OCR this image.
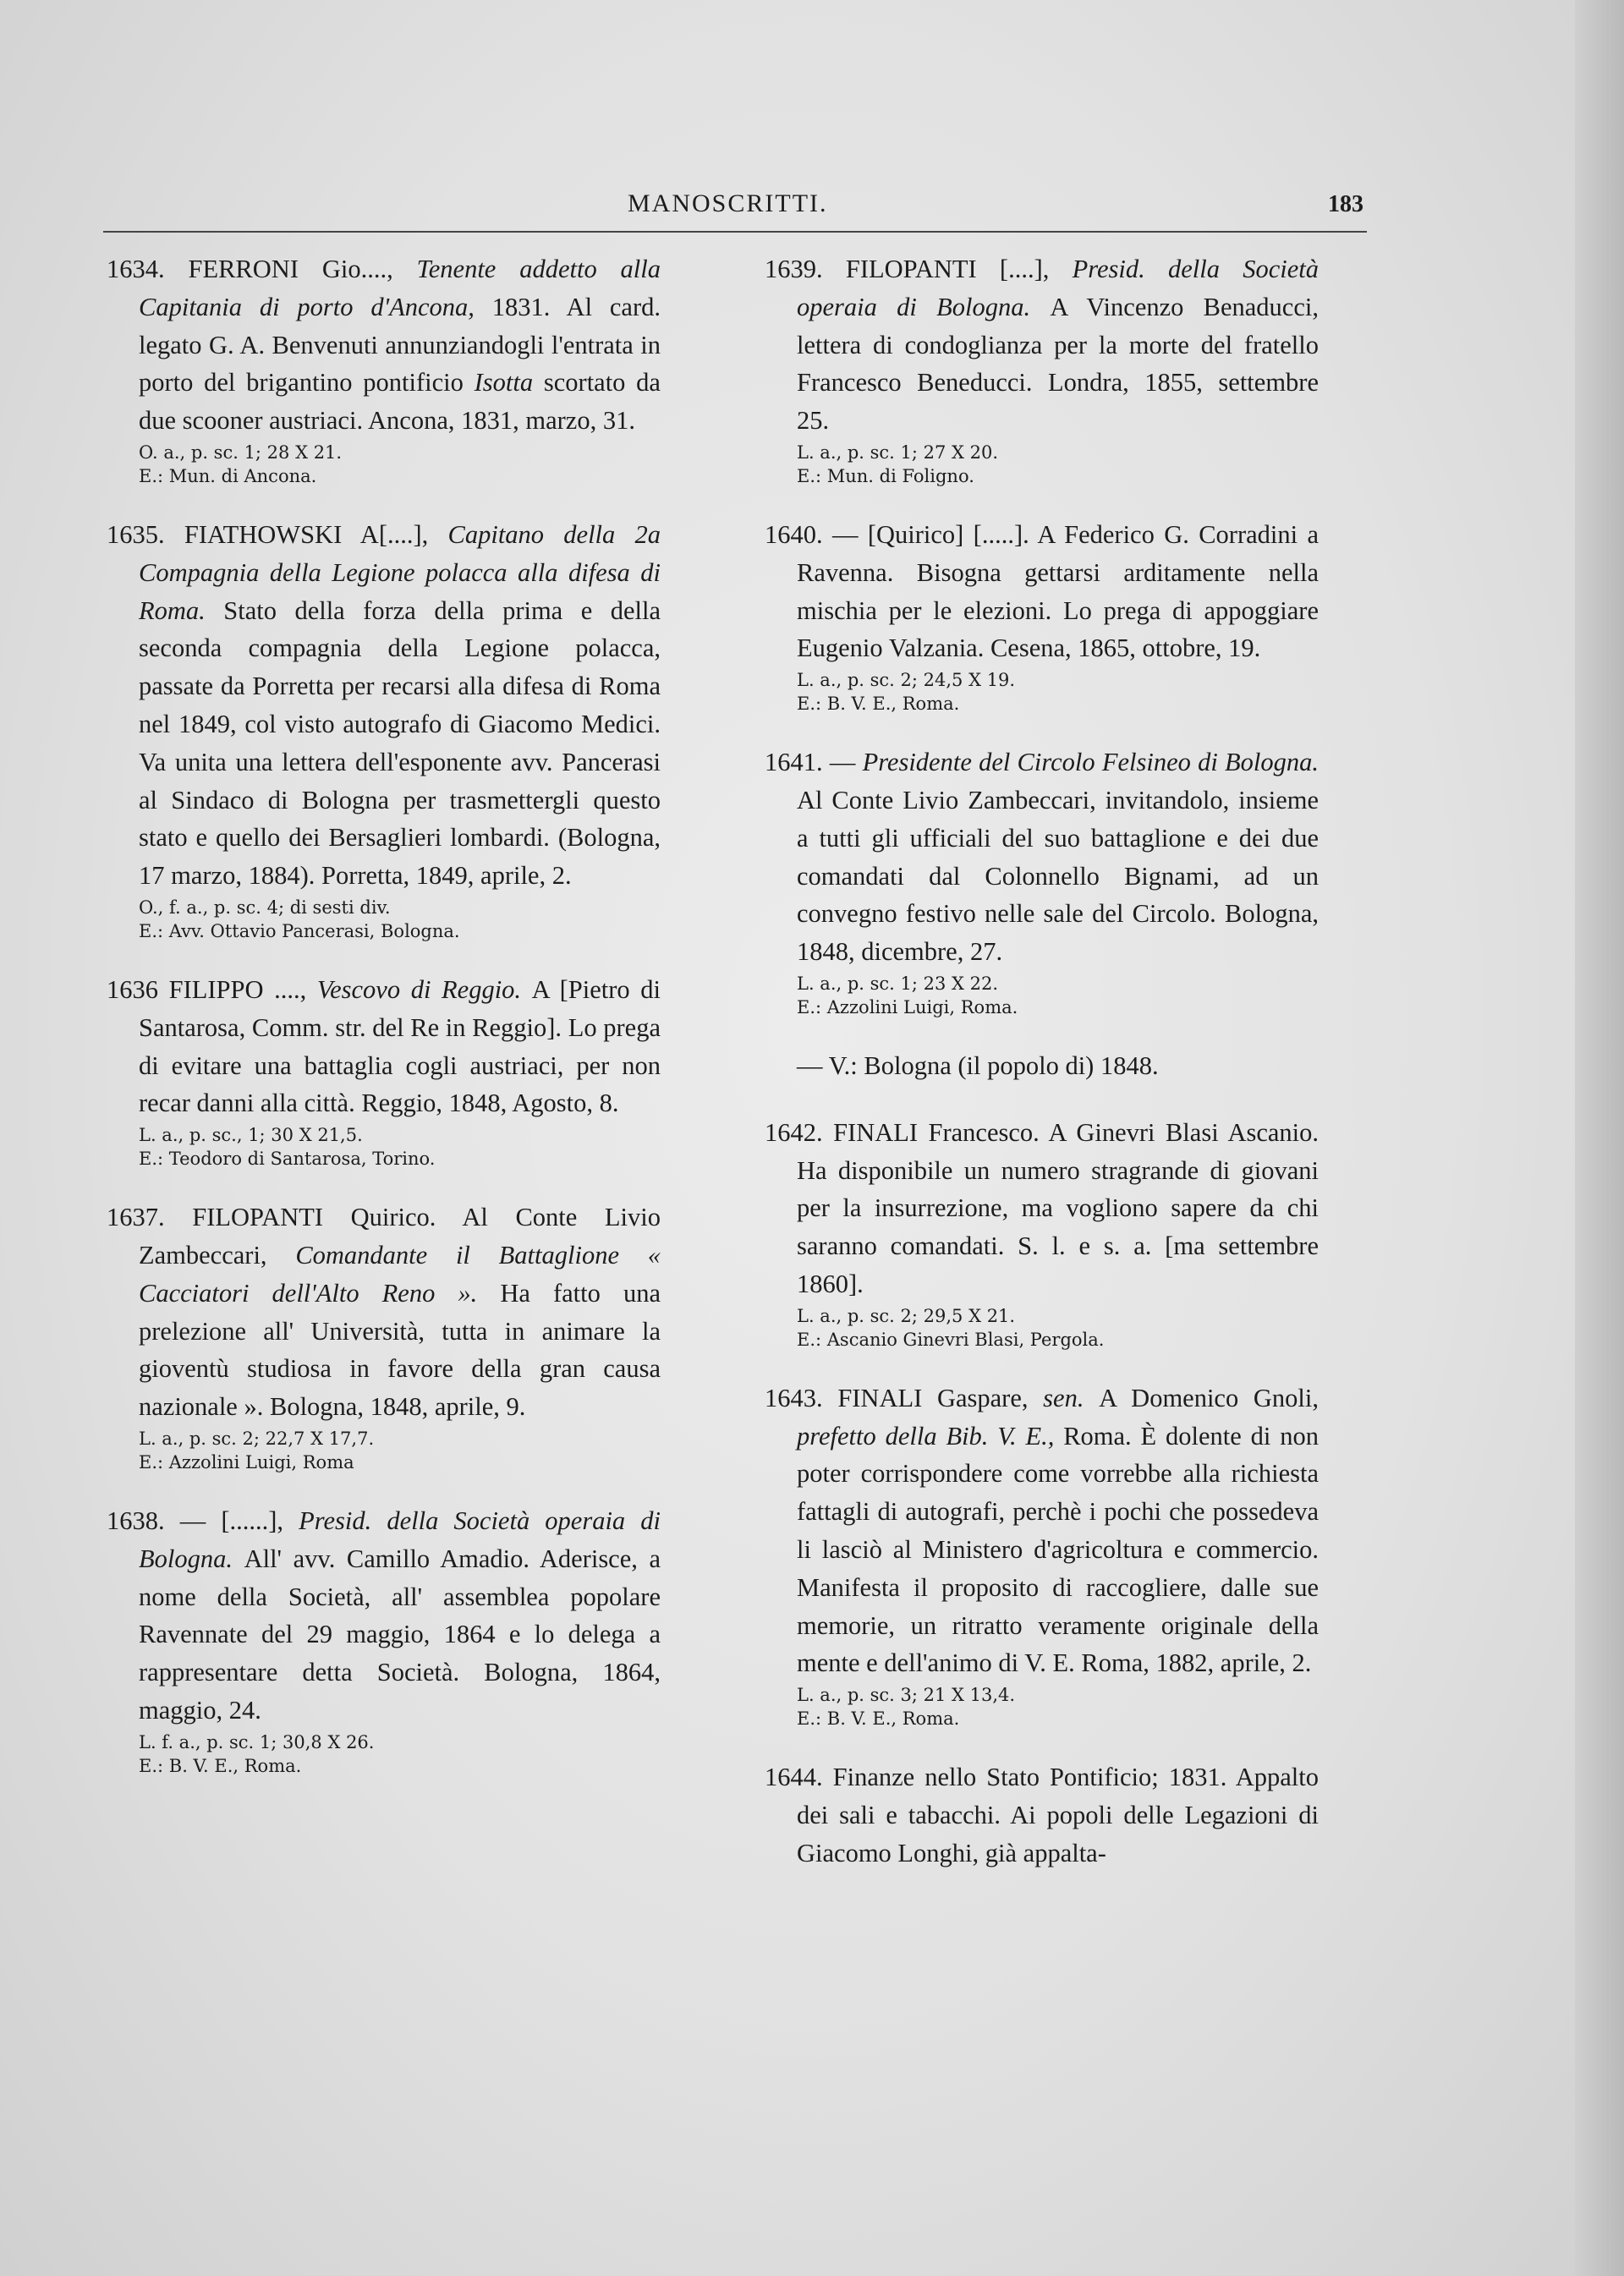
MANOSCRITTI.	183

1634. FERRONI Gio...., Tenente addetto alla Capitania di porto d'Ancona, 1831. Al card. legato G. A. Benvenuti annunziandogli l'entrata in porto del brigantino pontificio Isotta scortato da due scooner austriaci. Ancona, 1831, marzo, 31.

O. a., p. sc. 1; 28 X 21.

E.: Mun. di Ancona.

1635. FIATHOWSKI A[....], Capitano della 2a Compagnia della Legione polacca alla difesa di Roma. Stato della forza della prima e della seconda compagnia della Legione polacca, passate da Porretta per recarsi alla difesa di Roma nel 1849, col visto autografo di Giacomo Medici. Va unita una lettera dell'esponente avv. Pancerasi al Sindaco di Bologna per trasmettergli questo stato e quello dei Bersaglieri lombardi. (Bologna, 17 marzo, 1884). Porretta, 1849, aprile, 2.

O., f. a., p. sc. 4; di sesti div.

E.: Avv. Ottavio Pancerasi, Bologna.

1636 FILIPPO ...., Vescovo di Reggio. A [Pietro di Santarosa, Comm. str. del Re in Reggio]. Lo prega di evitare una battaglia cogli austriaci, per non recar danni alla città. Reggio, 1848, Agosto, 8.

L. a., p. sc., 1; 30 X 21,5.

E.: Teodoro di Santarosa, Torino.

1637. FILOPANTI Quirico. Al Conte Livio Zambeccari, Comandante il Battaglione « Cacciatori dell'Alto Reno ». Ha fatto una prelezione all' Università, tutta in animare la gioventù studiosa in favore della gran causa nazionale ». Bologna, 1848, aprile, 9.

L. a., p. sc. 2; 22,7 X 17,7.

E.: Azzolini Luigi, Roma

1638. — [......], Presid. della Società operaia di Bologna. All' avv. Camillo Amadio. Aderisce, a nome della Società, all' assemblea popolare Ravennate del 29 maggio, 1864 e lo delega a rappresentare detta Società. Bologna, 1864, maggio, 24.

L. f. a., p. sc. 1; 30,8 X 26.

E.: B. V. E., Roma.

1639. FILOPANTI [....], Presid. della Società operaia di Bologna. A Vincenzo Benaducci, lettera di condoglianza per la morte del fratello Francesco Beneducci. Londra, 1855, settembre 25.

L. a., p. sc. 1; 27 X 20.

E.: Mun. di Foligno.

1640. — [Quirico] [.....]. A Federico G. Corradini a Ravenna. Bisogna gettarsi arditamente nella mischia per le elezioni. Lo prega di appoggiare Eugenio Valzania. Cesena, 1865, ottobre, 19.

L. a., p. sc. 2; 24,5 X 19.

E.: B. V. E., Roma.

1641. — Presidente del Circolo Felsineo di Bologna. Al Conte Livio Zambeccari, invitandolo, insieme a tutti gli ufficiali del suo battaglione e dei due comandati dal Colonnello Bignami, ad un convegno festivo nelle sale del Circolo. Bologna, 1848, dicembre, 27.

L. a., p. sc. 1; 23 X 22.

E.: Azzolini Luigi, Roma.

— V.: Bologna (il popolo di) 1848.

1642. FINALI Francesco. A Ginevri Blasi Ascanio. Ha disponibile un numero stragrande di giovani per la insurrezione, ma vogliono sapere da chi saranno comandati. S. l. e s. a. [ma settembre 1860].

L. a., p. sc. 2; 29,5 X 21.

E.: Ascanio Ginevri Blasi, Pergola.

1643. FINALI Gaspare, sen. A Domenico Gnoli, prefetto della Bib. V. E., Roma. È dolente di non poter corrispondere come vorrebbe alla richiesta fattagli di autografi, perchè i pochi che possedeva li lasciò al Ministero d'agricoltura e commercio. Manifesta il proposito di raccogliere, dalle sue memorie, un ritratto veramente originale della mente e dell'animo di V. E. Roma, 1882, aprile, 2.

L. a., p. sc. 3; 21 X 13,4.

E.: B. V. E., Roma.

1644. Finanze nello Stato Pontificio; 1831. Appalto dei sali e tabacchi. Ai popoli delle Legazioni di Giacomo Longhi, già appalta-
